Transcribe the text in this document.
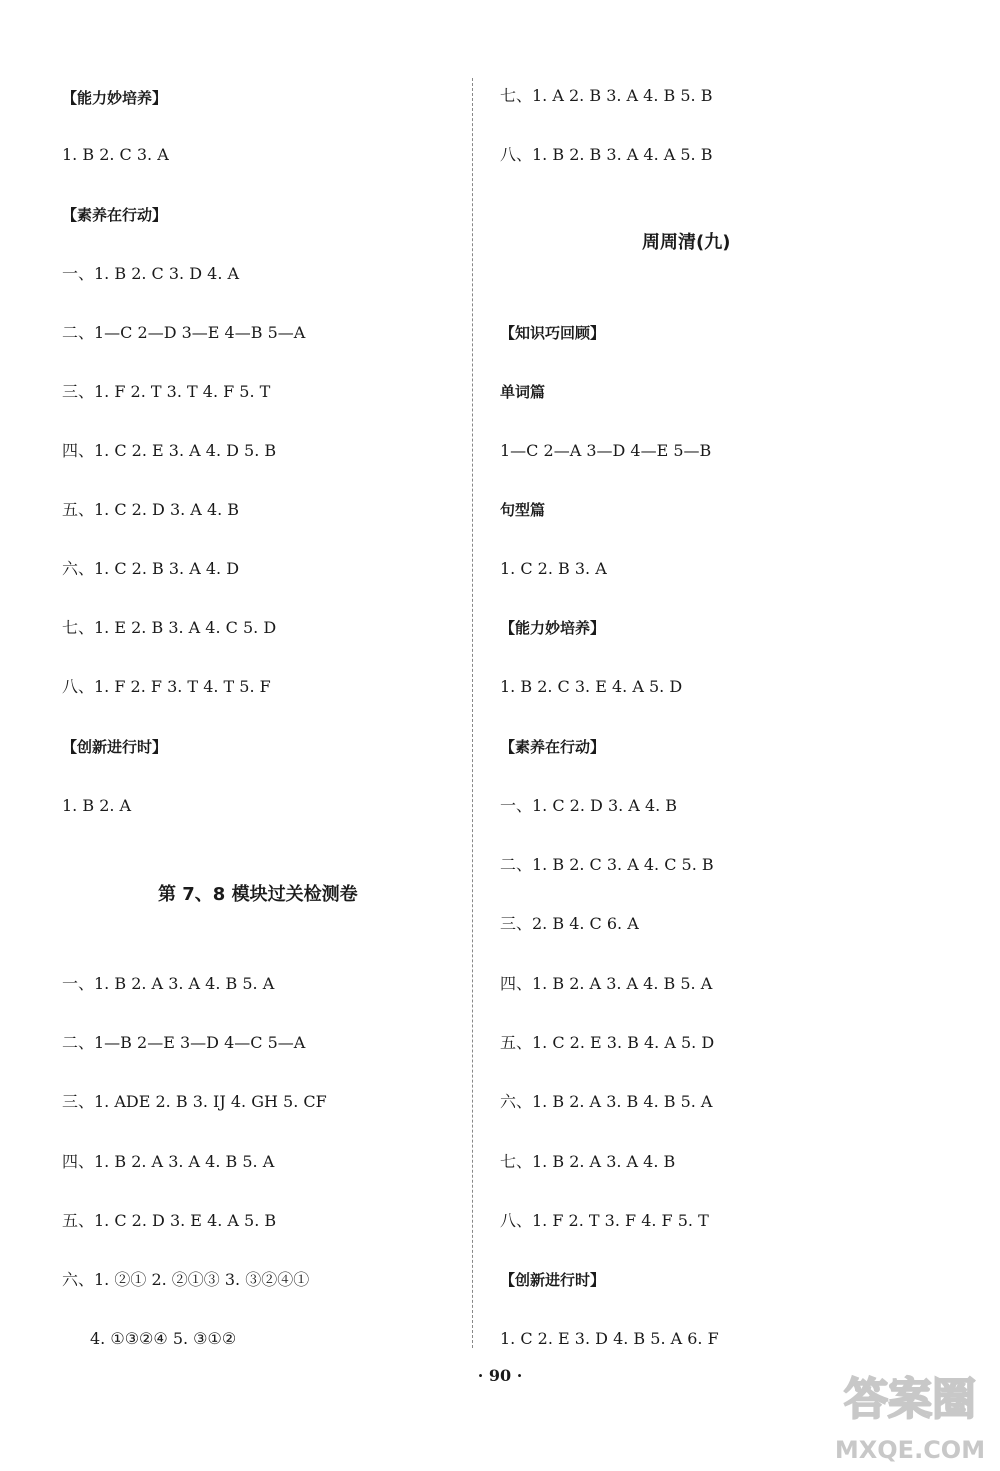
【能力妙培养】
1. B 2. C 3. A
【素养在行动】
一、1. B 2. C 3. D 4. A
二、1—C 2—D 3—E 4—B 5—A
三、1. F 2. T 3. T 4. F 5. T
四、1. C 2. E 3. A 4. D 5. B
五、1. C 2. D 3. A 4. B
六、1. C 2. B 3. A 4. D
七、1. E 2. B 3. A 4. C 5. D
八、1. F 2. F 3. T 4. T 5. F
【创新进行时】
1. B 2. A
第 7、8 模块过关检测卷
一、1. B 2. A 3. A 4. B 5. A
二、1—B 2—E 3—D 4—C 5—A
三、1. ADE 2. B 3. IJ 4. GH 5. CF
四、1. B 2. A 3. A 4. B 5. A
五、1. C 2. D 3. E 4. A 5. B
六、1. ②① 2. ②①③ 3. ③②④①
4. ①③②④ 5. ③①②
七、1. A 2. B 3. A 4. B 5. B
八、1. B 2. B 3. A 4. A 5. B
周周清(九)
【知识巧回顾】
单词篇
1—C 2—A 3—D 4—E 5—B
句型篇
1. C 2. B 3. A
【能力妙培养】
1. B 2. C 3. E 4. A 5. D
【素养在行动】
一、1. C 2. D 3. A 4. B
二、1. B 2. C 3. A 4. C 5. B
三、2. B 4. C 6. A
四、1. B 2. A 3. A 4. B 5. A
五、1. C 2. E 3. B 4. A 5. D
六、1. B 2. A 3. B 4. B 5. A
七、1. B 2. A 3. A 4. B
八、1. F 2. T 3. F 4. F 5. T
【创新进行时】
1. C 2. E 3. D 4. B 5. A 6. F
· 90 ·	答案圈
MXQE.COM
